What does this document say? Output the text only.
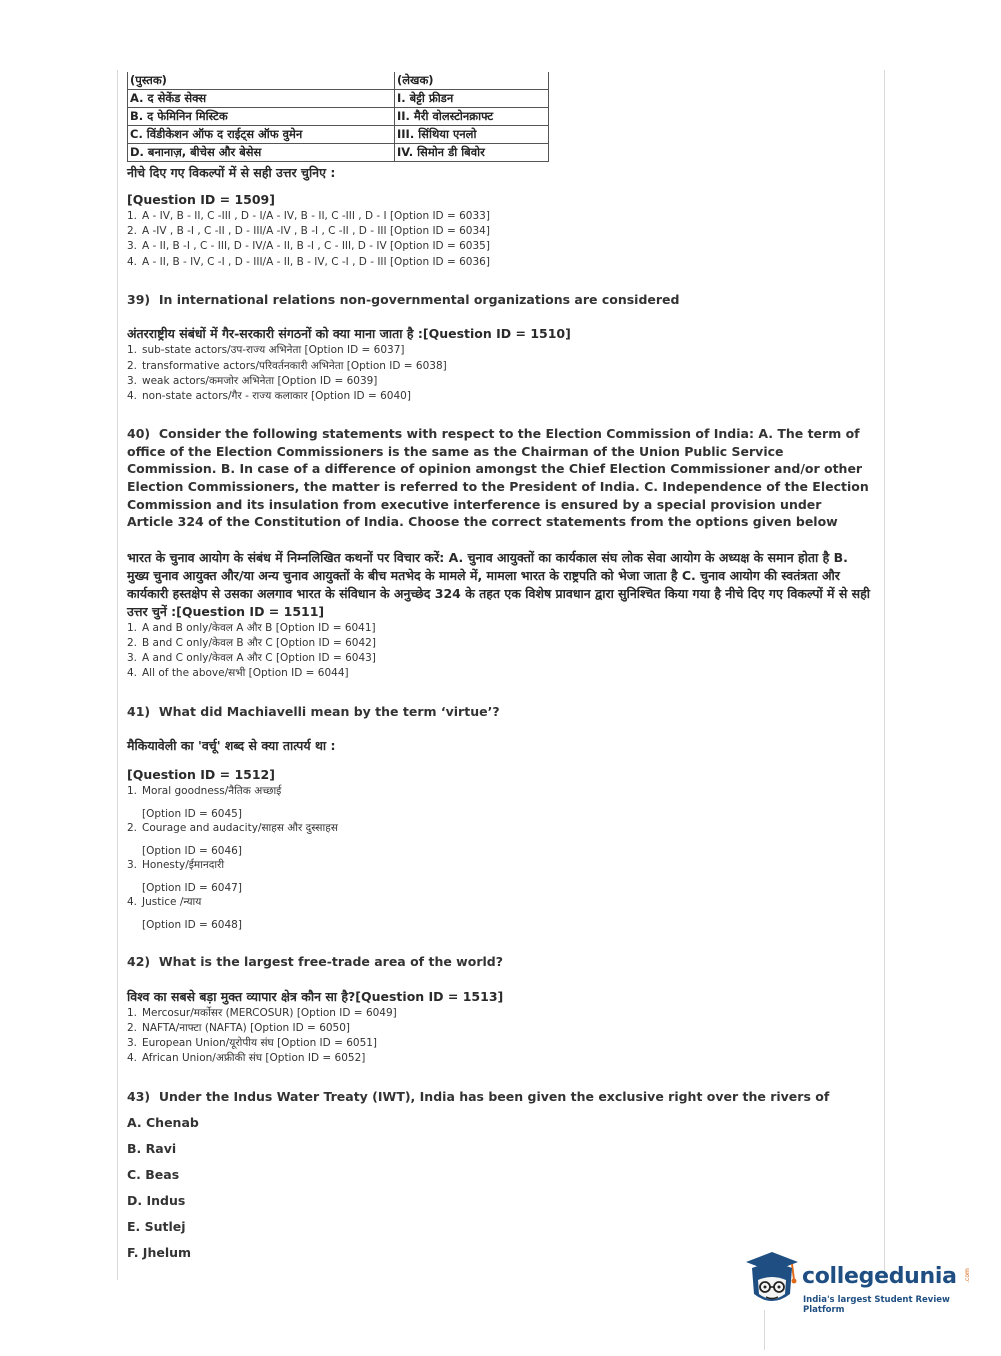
(पुस्तक)	(लेखक)
A. द सेकेंड सेक्स	I. बेट्टी फ्रीडन
B. द फेमिनिन मिस्टिक	II. मैरी वोलस्टोनक्राफ्ट
C. विंडीकेशन ऑफ द राईट्स ऑफ वुमेन	III. सिंथिया एनलो
D. बनानाज़, बीचेस और बेसेस	IV. सिमोन डी बिवोर
नीचे दिए गए विकल्पों में से सही उत्तर चुनिए :
[Question ID = 1509]
1. A - IV, B - II, C -III , D - I/A - IV, B - II, C -III , D - I [Option ID = 6033]
2. A -IV , B -I , C -II , D - III/A -IV , B -I , C -II , D - III [Option ID = 6034]
3. A - II, B -I , C - III, D - IV/A - II, B -I , C - III, D - IV [Option ID = 6035]
4. A - II, B - IV, C -I , D - III/A - II, B - IV, C -I , D - III [Option ID = 6036]
39) In international relations non-governmental organizations are considered
अंतरराष्ट्रीय संबंधों में गैर-सरकारी संगठनों को क्या माना जाता है :[Question ID = 1510]
1. sub-state actors/उप-राज्य अभिनेता [Option ID = 6037]
2. transformative actors/परिवर्तनकारी अभिनेता [Option ID = 6038]
3. weak actors/कमजोर अभिनेता [Option ID = 6039]
4. non-state actors/गैर - राज्य कलाकार [Option ID = 6040]
40) Consider the following statements with respect to the Election Commission of India: A. The term of office of the Election Commissioners is the same as the Chairman of the Union Public Service Commission. B. In case of a difference of opinion amongst the Chief Election Commissioner and/or other Election Commissioners, the matter is referred to the President of India. C. Independence of the Election Commission and its insulation from executive interference is ensured by a special provision under Article 324 of the Constitution of India. Choose the correct statements from the options given below
भारत के चुनाव आयोग के संबंध में निम्नलिखित कथनों पर विचार करें: A. चुनाव आयुक्तों का कार्यकाल संघ लोक सेवा आयोग के अध्यक्ष के समान होता है B. मुख्य चुनाव आयुक्त और/या अन्य चुनाव आयुक्तों के बीच मतभेद के मामले में, मामला भारत के राष्ट्रपति को भेजा जाता है C. चुनाव आयोग की स्वतंत्रता और कार्यकारी हस्तक्षेप से उसका अलगाव भारत के संविधान के अनुच्छेद 324 के तहत एक विशेष प्रावधान द्वारा सुनिश्चित किया गया है नीचे दिए गए विकल्पों में से सही उत्तर चुनें :[Question ID = 1511]
1. A and B only/केवल A और B [Option ID = 6041]
2. B and C only/केवल B और C [Option ID = 6042]
3. A and C only/केवल A और C [Option ID = 6043]
4. All of the above/सभी [Option ID = 6044]
41) What did Machiavelli mean by the term ‘virtue’?
मैकियावेली का 'वर्चू' शब्द से क्या तात्पर्य था :
[Question ID = 1512]
1. Moral goodness/नैतिक अच्छाई
[Option ID = 6045]
2. Courage and audacity/साहस और दुस्साहस
[Option ID = 6046]
3. Honesty/ईमानदारी
[Option ID = 6047]
4. Justice /न्याय
[Option ID = 6048]
42) What is the largest free-trade area of the world?
विश्व का सबसे बड़ा मुक्त व्यापार क्षेत्र कौन सा है?[Question ID = 1513]
1. Mercosur/मर्कोसर (MERCOSUR) [Option ID = 6049]
2. NAFTA/नाफ्टा (NAFTA) [Option ID = 6050]
3. European Union/यूरोपीय संघ [Option ID = 6051]
4. African Union/अफ्रीकी संघ [Option ID = 6052]
43) Under the Indus Water Treaty (IWT), India has been given the exclusive right over the rivers of
A. Chenab
B. Ravi
C. Beas
D. Indus
E. Sutlej
F. Jhelum
collegedunia .com
India's largest Student Review Platform
